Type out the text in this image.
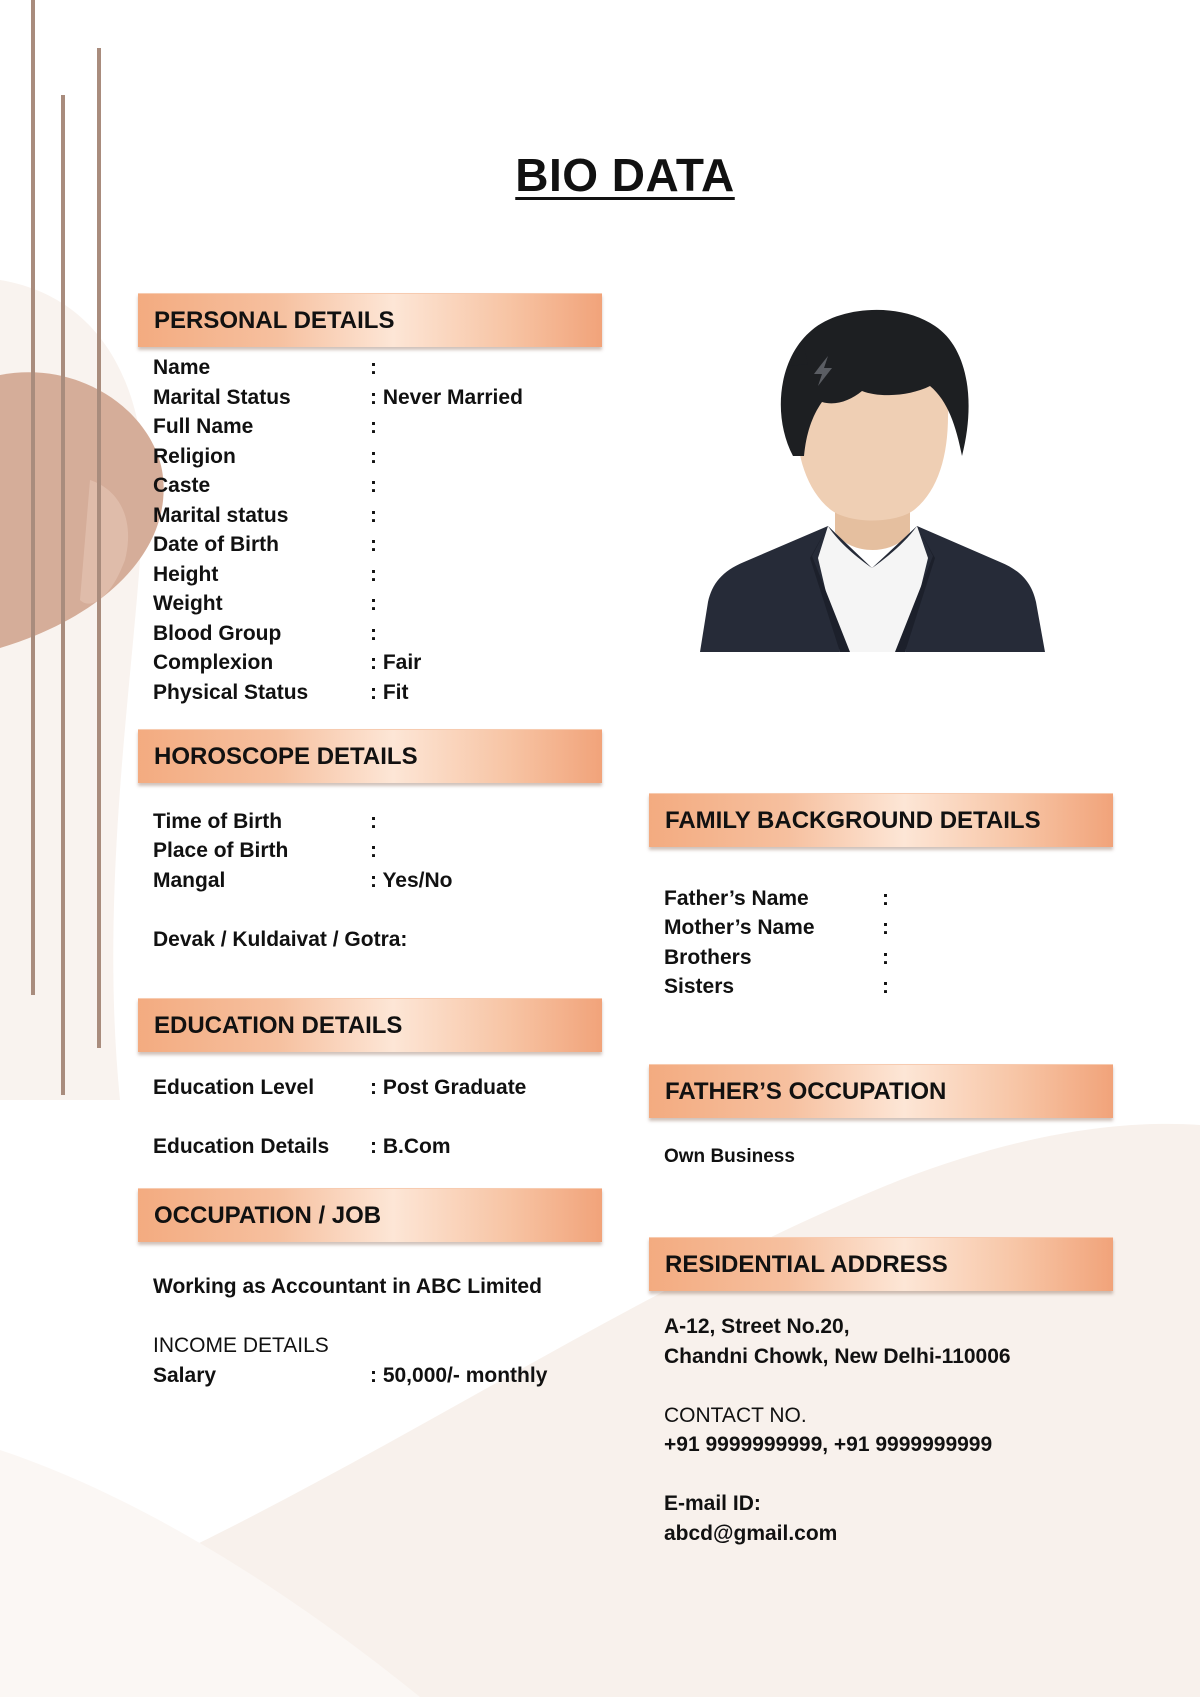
BIO DATA
PERSONAL DETAILS
Name	:
Marital Status	: Never Married
Full Name	:
Religion	:
Caste	:
Marital status	:
Date of Birth	:
Height	:
Weight	:
Blood Group	:
Complexion	: Fair
Physical Status	: Fit
HOROSCOPE DETAILS
Time of Birth	:
Place of Birth	:
Mangal	: Yes/No
Devak / Kuldaivat / Gotra:
EDUCATION DETAILS
Education Level	: Post Graduate
Education Details : B.Com
OCCUPATION / JOB
Working as Accountant in ABC Limited
INCOME DETAILS
Salary	: 50,000/- monthly
FAMILY BACKGROUND DETAILS
Father’s Name	:
Mother’s Name	:
Brothers	:
Sisters	:
FATHER’S OCCUPATION
Own Business
RESIDENTIAL ADDRESS
A-12, Street No.20,
Chandni Chowk, New Delhi-110006
CONTACT NO.
+91 9999999999, +91 9999999999
E-mail ID:
abcd@gmail.com
